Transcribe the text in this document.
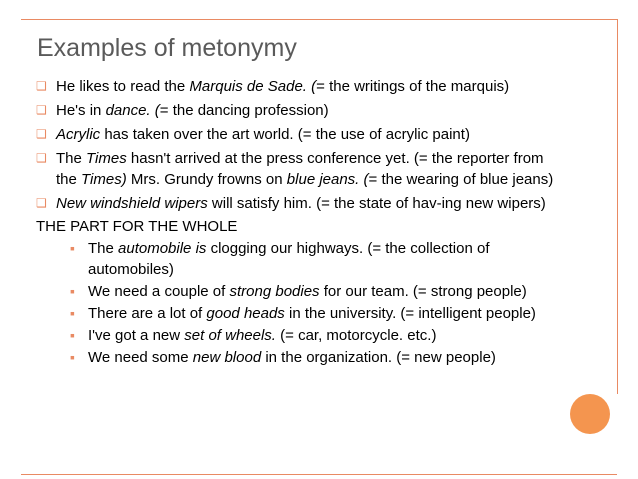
Examples of metonymy
❑ He likes to read the Marquis de Sade. (= the writings of the marquis)
❑ He's in dance. (= the dancing profession)
❑ Acrylic has taken over the art world. (= the use of acrylic paint)
❑ The Times hasn't arrived at the press conference yet. (= the reporter from the Times) Mrs. Grundy frowns on blue jeans. (= the wearing of blue jeans)
❑ New windshield wipers will satisfy him. (= the state of hav-ing new wipers)
THE PART FOR THE WHOLE
▪ The automobile is clogging our highways. (= the collection of automobiles)
▪ We need a couple of strong bodies for our team. (= strong people)
▪ There are a lot of good heads in the university. (= intelligent people)
▪ I've got a new set of wheels. (= car, motorcycle. etc.)
▪ We need some new blood in the organization. (= new people)
